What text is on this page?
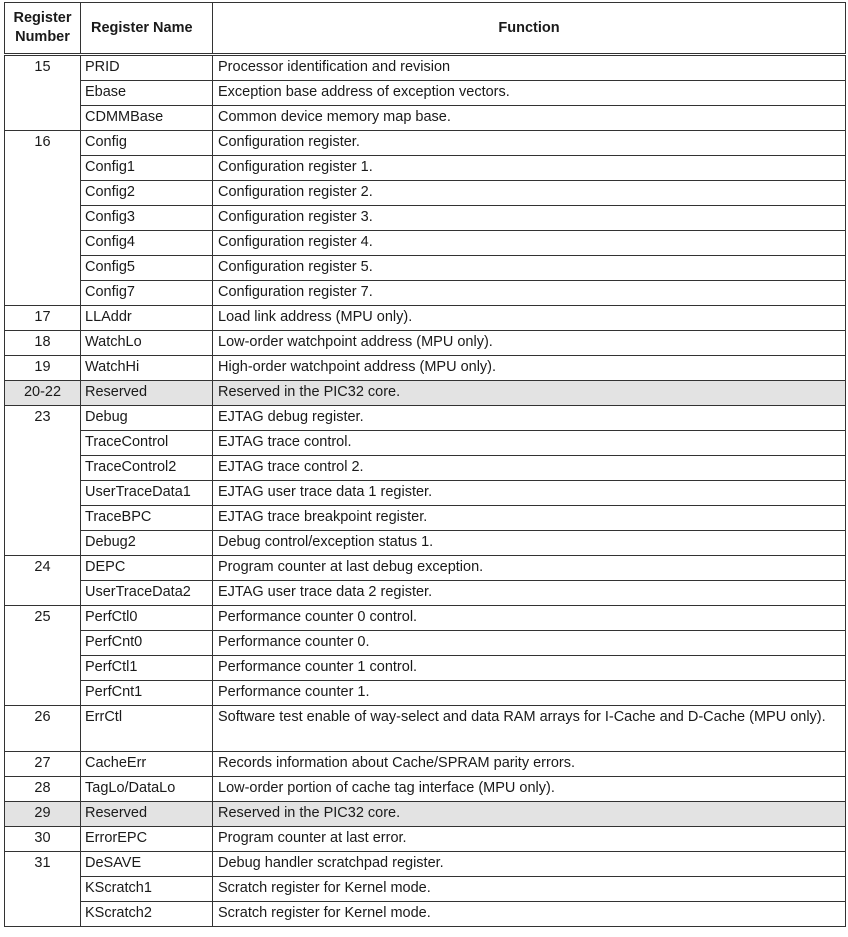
Register
Number	Register Name	Function
15	PRID	Processor identification and revision
	Ebase	Exception base address of exception vectors.
	CDMMBase	Common device memory map base.
16	Config	Configuration register.
	Config1	Configuration register 1.
	Config2	Configuration register 2.
	Config3	Configuration register 3.
	Config4	Configuration register 4.
	Config5	Configuration register 5.
	Config7	Configuration register 7.
17	LLAddr	Load link address (MPU only).
18	WatchLo	Low-order watchpoint address (MPU only).
19	WatchHi	High-order watchpoint address (MPU only).
20-22	Reserved	Reserved in the PIC32 core.
23	Debug	EJTAG debug register.
	TraceControl	EJTAG trace control.
	TraceControl2	EJTAG trace control 2.
	UserTraceData1	EJTAG user trace data 1 register.
	TraceBPC	EJTAG trace breakpoint register.
	Debug2	Debug control/exception status 1.
24	DEPC	Program counter at last debug exception.
	UserTraceData2	EJTAG user trace data 2 register.
25	PerfCtl0	Performance counter 0 control.
	PerfCnt0	Performance counter 0.
	PerfCtl1	Performance counter 1 control.
	PerfCnt1	Performance counter 1.
26	ErrCtl	Software test enable of way-select and data RAM arrays for I-Cache and D-Cache (MPU only).
27	CacheErr	Records information about Cache/SPRAM parity errors.
28	TagLo/DataLo	Low-order portion of cache tag interface (MPU only).
29	Reserved	Reserved in the PIC32 core.
30	ErrorEPC	Program counter at last error.
31	DeSAVE	Debug handler scratchpad register.
	KScratch1	Scratch register for Kernel mode.
	KScratch2	Scratch register for Kernel mode.
